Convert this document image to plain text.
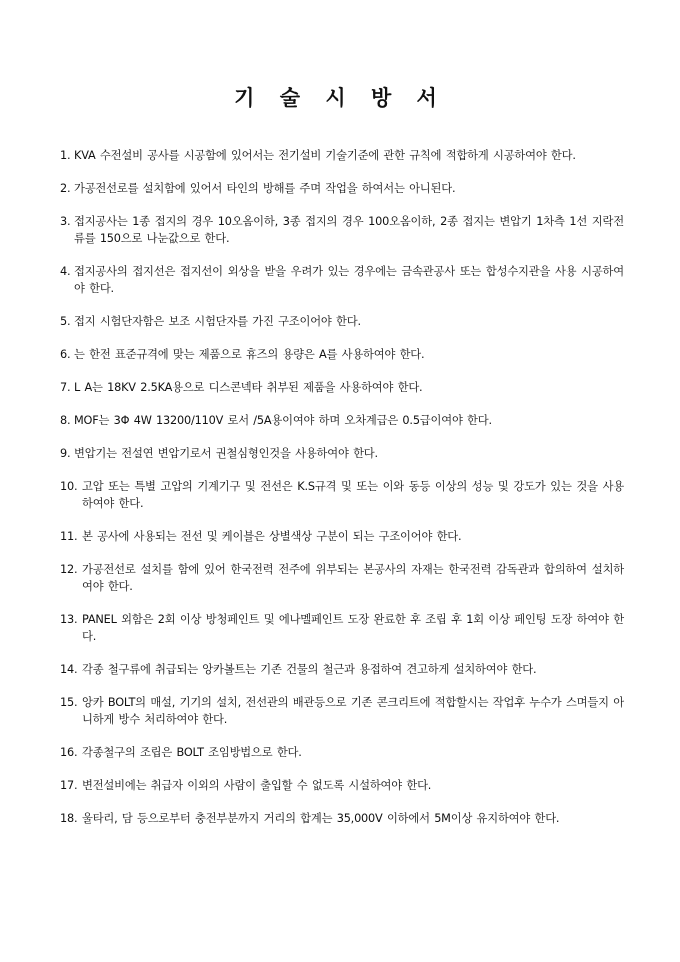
기 술 시 방 서
1. KVA 수전설비 공사를 시공함에 있어서는 전기설비 기술기준에 관한 규칙에 적합하게 시공하여야 한다.
2. 가공전선로를 설치함에 있어서 타인의 방해를 주며 작업을 하여서는 아니된다.
3. 접지공사는 1종 접지의 경우 10오옴이하, 3종 접지의 경우 100오옴이하, 2종 접지는 변압기 1차측 1선 지락전류를 150으로 나눈값으로 한다.
4. 접지공사의 접지선은 접지선이 외상을 받을 우려가 있는 경우에는 금속관공사 또는 합성수지관을 사용 시공하여야 한다.
5. 접지 시험단자함은 보조 시험단자를 가진 구조이어야 한다.
6. 는 한전 표준규격에 맞는 제품으로 휴즈의 용량은 A를 사용하여야 한다.
7. L A는 18KV 2.5KA용으로 디스콘넥타 취부된 제품을 사용하여야 한다.
8. MOF는 3Φ 4W 13200/110V 로서 /5A용이여야 하며 오차계급은 0.5급이여야 한다.
9. 변압기는 전설연 변압기로서 권철심형인것을 사용하여야 한다.
10. 고압 또는 특별 고압의 기계기구 및 전선은 K.S규격 및 또는 이와 동등 이상의 성능 및 강도가 있는 것을 사용 하여야 한다.
11. 본 공사에 사용되는 전선 및 케이블은 상별색상 구분이 되는 구조이어야 한다.
12. 가공전선로 설치를 함에 있어 한국전력 전주에 위부되는 본공사의 자재는 한국전력 감독관과 합의하여 설치하여야 한다.
13. PANEL 외함은 2회 이상 방청페인트 및 에나멜페인트 도장 완료한 후 조립 후 1회 이상 페인팅 도장 하여야 한다.
14. 각종 철구류에 취급되는 앙카볼트는 기존 건물의 철근과 용접하여 견고하게 설치하여야 한다.
15. 앙카 BOLT의 매설, 기기의 설치, 전선관의 배관등으로 기존 콘크리트에 적합할시는 작업후 누수가 스며들지 아니하게 방수 처리하여야 한다.
16. 각종철구의 조립은 BOLT 조임방법으로 한다.
17. 변전설비에는 취급자 이외의 사람이 출입할 수 없도록 시설하여야 한다.
18. 울타리, 담 등으로부터 충전부분까지 거리의 합계는 35,000V 이하에서 5M이상 유지하여야 한다.
